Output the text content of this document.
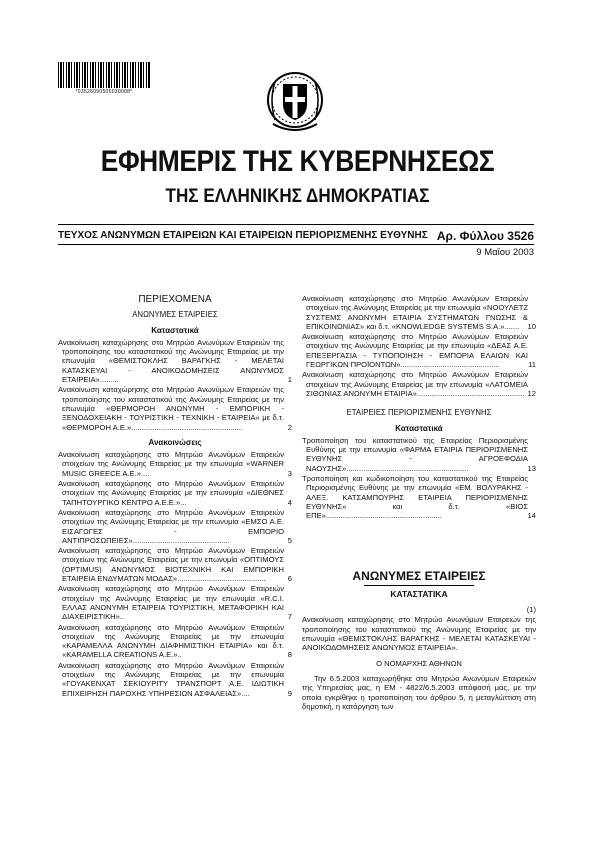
*03526090505030008*
ΕΦΗΜΕΡΙΣ ΤΗΣ ΚΥΒΕΡΝΗΣΕΩΣ
ΤΗΣ ΕΛΛΗΝΙΚΗΣ ΔΗΜΟΚΡΑΤΙΑΣ
ΤΕΥΧΟΣ ΑΝΩΝΥΜΩΝ ΕΤΑΙΡΕΙΩΝ ΚΑΙ ΕΤΑΙΡΕΙΩΝ ΠΕΡΙΟΡΙΣΜΕΝΗΣ ΕΥΘΥΝΗΣ Αρ. Φύλλου 3526
9 Μαΐου 2003
ΠΕΡΙΕΧΟΜΕΝΑ
ΑΝΩΝΥΜΕΣ ΕΤΑΙΡΕΙΕΣ
Καταστατικά
Ανακοίνωση καταχώρησης στο Μητρώο Ανωνύμων Εταιρειών της τροποποίησης του καταστατικού της Ανώνυμης Εταιρείας με την επωνυμία «ΘΕΜΙΣΤΟΚΛΗΣ ΒΑΡΑΓΚΗΣ - ΜΕΛΕΤΑΙ ΚΑΤΑΣΚΕΥΑΙ - ΑΝΟΙΚΟΔΟΜΗΣΕΙΣ ΑΝΩΝΥΜΟΣ ΕΤΑΙΡΕΙΑ».........	1
Ανακοίνωση καταχώρησης στο Μητρώο Ανωνύμων Εταιρειών της τροποποίησης του καταστατικού της Ανώνυμης Εταιρείας με την επωνυμία «ΘΕΡΜΟΡΟΗ ΑΝΩΝΥΜΗ - ΕΜΠΟΡΙΚΗ - ΞΕΝΟΔΟΧΕΙΑΚΗ - ΤΟΥΡΙΣΤΙΚΗ - ΤΕΧΝΙΚΗ - ΕΤΑΙΡΕΙΑ» με δ.τ. «ΘΕΡΜΟΡΟΗ Α.Ε.».....................................................	2
Ανακοινώσεις
Ανακοίνωση καταχώρησης στο Μητρώο Ανωνύμων Εταιρειών στοιχείων της Ανώνυμης Εταιρείας με την επωνυμία «WARNER MUSIC GREECE A.E.»....	3
Ανακοίνωση καταχώρησης στο Μητρώο Ανωνύμων Εταιρειών στοιχείων της Ανώνυμης Εταιρείας με την επωνυμία «ΔΙΕΘΝΕΣ ΤΑΠΗΤΟΥΡΓΙΚΟ ΚΕΝΤΡΟ Α.Ε.Ε.»...	4
Ανακοίνωση καταχώρησης στο Μητρώο Ανωνύμων Εταιρειών στοιχείων της Ανώνυμης Εταιρείας με την επωνυμία «ΕΜΣΟ Α.Ε. ΕΙΣΑΓΩΓΕΣ - ΕΜΠΟΡΙΟ ΑΝΤΙΠΡΟΣΩΠΕΙΕΣ»..............................................	5
Ανακοίνωση καταχώρησης στο Μητρώο Ανωνύμων Εταιρειών στοιχείων της Ανώνυμης Εταιρείας με την επωνυμία «ΟΠΤΙΜΟΥΣ (OPTIMUS) ΑΝΩΝΥΜΟΣ ΒΙΟΤΕΧΝΙΚΗ ΚΑΙ ΕΜΠΟΡΙΚΗ ΕΤΑΙΡΕΙΑ ΕΝΔΥΜΑΤΩΝ ΜΟΔΑΣ»..........................................	6
Ανακοίνωση καταχώρησης στο Μητρώο Ανωνύμων Εταιρειών στοιχείων της Ανώνυμης Εταιρείας με την επωνυμία «R.C.I. ΕΛΛΑΣ ΑΝΩΝΥΜΗ ΕΤΑΙΡΕΙΑ ΤΟΥΡΙΣΤΙΚΗ, ΜΕΤΑΦΟΡΙΚΗ ΚΑΙ ΔΙΑΧΕΙΡΙΣΤΙΚΗ»..	7
Ανακοίνωση καταχώρησης στο Μητρώο Ανωνύμων Εταιρειών στοιχείων της Ανώνυμης Εταιρείας με την επωνυμία «ΚΑΡΑΜΕΛΛΑ ΑΝΩΝΥΜΗ ΔΙΑΦΗΜΙΣΤΙΚΗ ΕΤΑΙΡΙΑ» και δ.τ. «KARAMELLA CREATIONS A.E.»..	8
Ανακοίνωση καταχώρησης στο Μητρώο Ανωνύμων Εταιρειών στοιχείων της Ανώνυμης Εταιρείας με την επωνυμία «ΓΟΥΑΚΕΝΧΑΤ ΣΕΚΙΟΥΡΙΤΥ ΤΡΑΝΣΠΟΡΤ Α.Ε. ΙΔΙΩΤΙΚΗ ΕΠΙΧΕΙΡΗΣΗ ΠΑΡΟΧΗΣ ΥΠΗΡΕΣΙΩΝ ΑΣΦΑΛΕΙΑΣ»....	9
Ανακοίνωση καταχώρησης στο Μητρώο Ανωνύμων Εταιρειών στοιχείων της Ανώνυμης Εταιρείας με την επωνυμία «ΝΟΟΥΛΕΤΖ ΣΥΣΤΕΜΣ ΑΝΩΝΥΜΗ ΕΤΑΙΡΙΑ ΣΥΣΤΗΜΑΤΩΝ ΓΝΩΣΗΣ & ΕΠΙΚΟΙΝΩΝΙΑΣ» και δ.τ. «KNOWLEDGE SYSTEMS S.A.»....... 10
Ανακοίνωση καταχώρησης στο Μητρώο Ανωνύμων Εταιρειών στοιχείων της Ανώνυμης Εταιρείας με την επωνυμία «ΔΕΑΣ Α.Ε. ΕΠΕΞΕΡΓΑΣΙΑ - ΤΥΠΟΠΟΙΗΣΗ - ΕΜΠΟΡΙΑ ΕΛΑΙΩΝ ΚΑΙ ΓΕΩΡΓΙΚΩΝ ΠΡΟΪΟΝΤΩΝ»...............................................	11
Ανακοίνωση καταχώρησης στο Μητρώο Ανωνύμων Εταιρειών στοιχείων της Ανώνυμης Εταιρείας με την επωνυμία «ΛΑΤΟΜΕΙΑ ΣΙΘΩΝΙΑΣ ΑΝΩΝΥΜΗ ΕΤΑΙΡΙΑ»................................................... 12
ΕΤΑΙΡΕΙΕΣ ΠΕΡΙΟΡΙΣΜΕΝΗΣ ΕΥΘΥΝΗΣ
Καταστατικά
Τροποποίηση του καταστατικού της Εταιρείας Περιορισμένης Ευθύνης με την επωνυμία «ΦΑΡΜΑ ΕΤΑΙΡΙΑ ΠΕΡΙΟΡΙΣΜΕΝΗΣ ΕΥΘΥΝΗΣ - ΑΓΡΟΕΦΟΔΙΑ ΝΑΟΥΣΗΣ»..........................................................	13
Τροποποίηση και κωδικοποίηση του καταστατικού της Εταιρείας Περιορισμένης Ευθύνης με την επωνυμία «ΕΜ. ΒΟΛΥΡΑΚΗΣ - ΑΛΕΞ. ΚΑΤΣΑΜΠΟΥΡΗΣ ΕΤΑΙΡΕΙΑ ΠΕΡΙΟΡΙΣΜΕΝΗΣ ΕΥΘΥΝΗΣ» και δ.τ. «ΒΙΟΣ ΕΠΕ».......................................................	14
ΑΝΩΝΥΜΕΣ ΕΤΑΙΡΕΙΕΣ
ΚΑΤΑΣΤΑΤΙΚΑ
(1)
Ανακοίνωση καταχώρησης στο Μητρώο Ανωνύμων Εταιρειών της τροποποίησης του καταστατικού της Ανώνυμης Εταιρείας με την επωνυμία «ΘΕΜΙΣΤΟΚΛΗΣ ΒΑΡΑΓΚΗΣ - ΜΕΛΕΤΑΙ ΚΑΤΑΣΚΕΥΑΙ - ΑΝΟΙΚΟΔΟΜΗΣΕΙΣ ΑΝΩΝΥΜΟΣ ΕΤΑΙΡΕΙΑ».
Ο ΝΟΜΑΡΧΗΣ ΑΘΗΝΩΝ
Την 6.5.2003 καταχωρήθηκε στο Μητρώο Ανωνύμων Εταιρειών της Υπηρεσίας μας, η ΕΜ - 4822/6.5.2003 απόφασή μας, με την οποία εγκρίθηκε η τροποποίηση του άρθρου 5, η μεταγλώττιση στη δημοτική, η κατάργηση των
